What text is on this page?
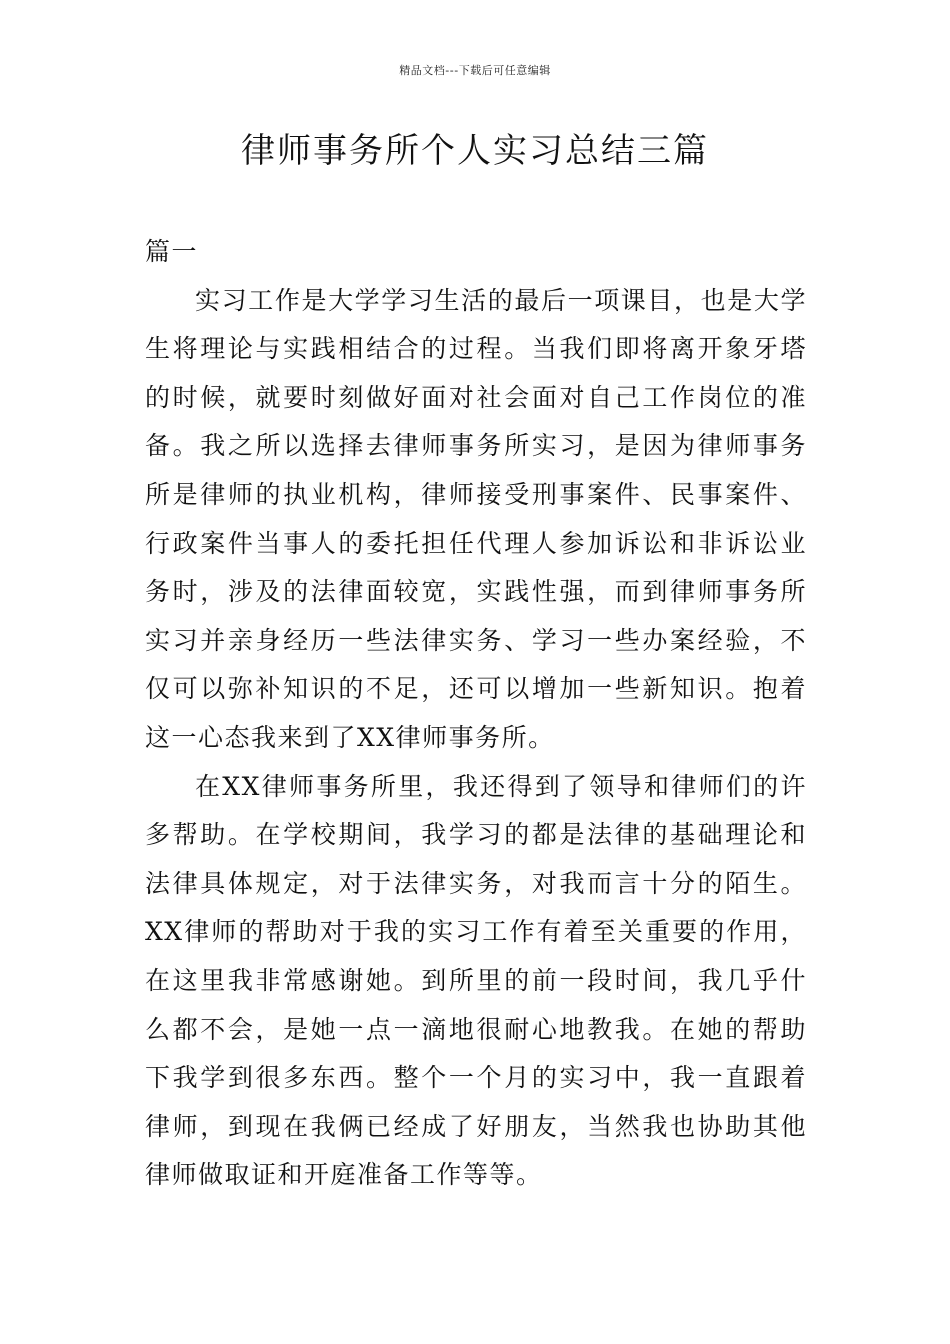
精品文档---下载后可任意编辑
律师事务所个人实习总结三篇

篇一

实习工作是大学学习生活的最后一项课目，也是大学生将理论与实践相结合的过程。当我们即将离开象牙塔的时候，就要时刻做好面对社会面对自己工作岗位的准备。我之所以选择去律师事务所实习，是因为律师事务所是律师的执业机构，律师接受刑事案件、民事案件、行政案件当事人的委托担任代理人参加诉讼和非诉讼业务时，涉及的法律面较宽，实践性强，而到律师事务所实习并亲身经历一些法律实务、学习一些办案经验，不仅可以弥补知识的不足，还可以增加一些新知识。抱着这一心态我来到了XX律师事务所。

在XX律师事务所里，我还得到了领导和律师们的许多帮助。在学校期间，我学习的都是法律的基础理论和法律具体规定，对于法律实务，对我而言十分的陌生。XX律师的帮助对于我的实习工作有着至关重要的作用，在这里我非常感谢她。到所里的前一段时间，我几乎什么都不会，是她一点一滴地很耐心地教我。在她的帮助下我学到很多东西。整个一个月的实习中，我一直跟着律师，到现在我俩已经成了好朋友，当然我也协助其他律师做取证和开庭准备工作等等。
